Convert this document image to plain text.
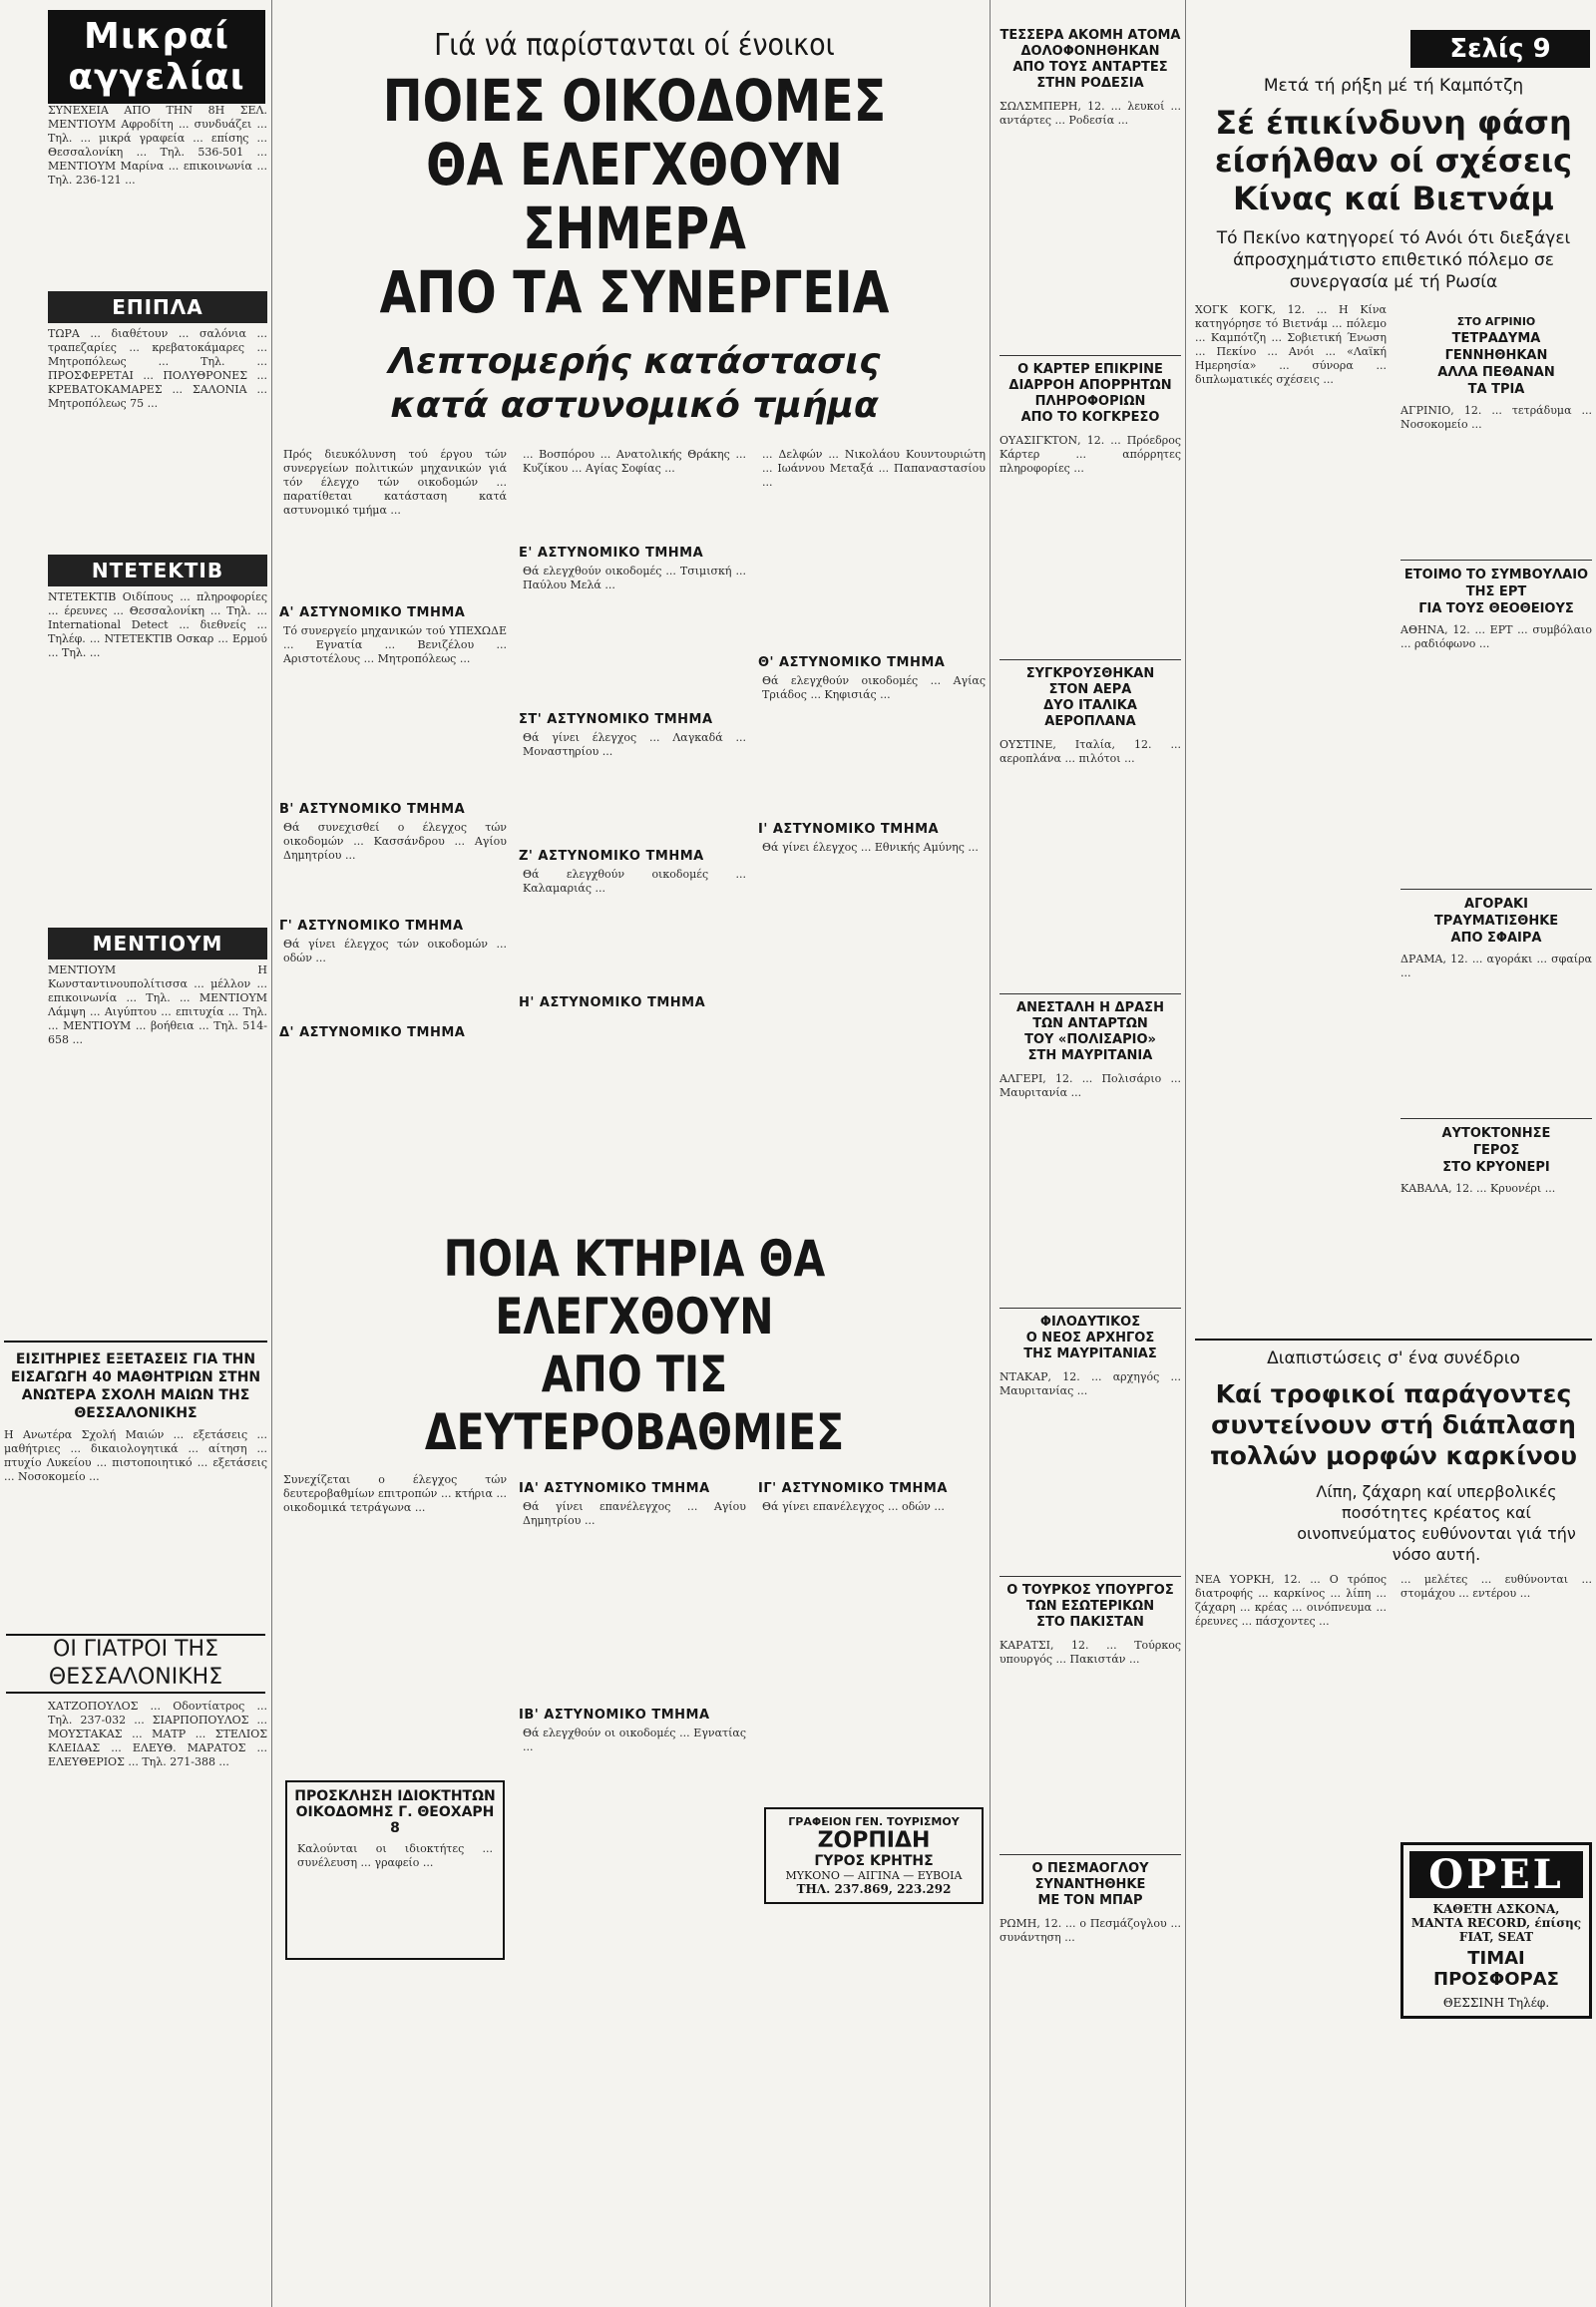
Μικραί αγγελίαι
ΣΥΝΕΧΕΙΑ ΑΠΟ ΤΗΝ 8Η ΣΕΛ. ΜΕΝΤΙΟΥΜ Αφροδίτη ... συνδυάζει ... Τηλ. ... μικρά γραφεία ... επίσης ... Θεσσαλονίκη ... Τηλ. 536-501 ... ΜΕΝΤΙΟΥΜ Μαρίνα ... επικοινωνία ... Τηλ. 236-121 ...
ΕΠΙΠΛΑ
ΤΩΡΑ ... διαθέτουν ... σαλόνια ... τραπεζαρίες ... κρεβατοκάμαρες ... Μητροπόλεως ... Τηλ. ... ΠΡΟΣΦΕΡΕΤΑΙ ... ΠΟΛΥΘΡΟΝΕΣ ... ΚΡΕΒΑΤΟΚΑΜΑΡΕΣ ... ΣΑΛΟΝΙΑ ... Μητροπόλεως 75 ...
ΝΤΕΤΕΚΤΙΒ
ΝΤΕΤΕΚΤΙΒ Οιδίπους ... πληροφορίες ... έρευνες ... Θεσσαλονίκη ... Τηλ. ... International Detect ... διεθνείς ... Τηλέφ. ... ΝΤΕΤΕΚΤΙΒ Οσκαρ ... Ερμού ... Τηλ. ...
ΜΕΝΤΙΟΥΜ
ΜΕΝΤΙΟΥΜ Η Κωνσταντινουπολίτισσα ... μέλλον ... επικοινωνία ... Τηλ. ... ΜΕΝΤΙΟΥΜ Λάμψη ... Αιγύπτου ... επιτυχία ... Τηλ. ... ΜΕΝΤΙΟΥΜ ... βοήθεια ... Τηλ. 514-658 ...
ΕΙΣΙΤΗΡΙΕΣ ΕΞΕΤΑΣΕΙΣ ΓΙΑ ΤΗΝ ΕΙΣΑΓΩΓΗ 40 ΜΑΘΗΤΡΙΩΝ ΣΤΗΝ ΑΝΩΤΕΡΑ ΣΧΟΛΗ ΜΑΙΩΝ ΤΗΣ ΘΕΣΣΑΛΟΝΙΚΗΣ
Η Ανωτέρα Σχολή Μαιών ... εξετάσεις ... μαθήτριες ... δικαιολογητικά ... αίτηση ... πτυχίο Λυκείου ... πιστοποιητικό ... εξετάσεις ... Νοσοκομείο ...
ΟΙ ΓΙΑΤΡΟΙ ΤΗΣ ΘΕΣΣΑΛΟΝΙΚΗΣ
ΧΑΤΖΟΠΟΥΛΟΣ ... Οδοντίατρος ... Τηλ. 237-032 ... ΣΙΑΡΠΟΠΟΥΛΟΣ ... ΜΟΥΣΤΑΚΑΣ ... ΜΑΤΡ ... ΣΤΕΛΙΟΣ ΚΛΕΙΔΑΣ ... ΕΛΕΥΘ. ΜΑΡΑΤΟΣ ... ΕΛΕΥΘΕΡΙΟΣ ... Τηλ. 271-388 ...
Γιά νά παρίστανται οί ένοικοι
ΠΟΙΕΣ ΟΙΚΟΔΟΜΕΣ
ΘΑ ΕΛΕΓΧΘΟΥΝ ΣΗΜΕΡΑ
ΑΠΟ ΤΑ ΣΥΝΕΡΓΕΙΑ
Λεπτομερής κατάστασις
κατά αστυνομικό τμήμα
Πρός διευκόλυνση τού έργου τών συνεργείων πολιτικών μηχανικών γιά τόν έλεγχο τών οικοδομών ... παρατίθεται κατάσταση κατά αστυνομικό τμήμα ...
Α' ΑΣΤΥΝΟΜΙΚΟ ΤΜΗΜΑ
Τό συνεργείο μηχανικών τού ΥΠΕΧΩΔΕ ... Εγνατία ... Βενιζέλου ... Αριστοτέλους ... Μητροπόλεως ...
Β' ΑΣΤΥΝΟΜΙΚΟ ΤΜΗΜΑ
Θά συνεχισθεί ο έλεγχος τών οικοδομών ... Κασσάνδρου ... Αγίου Δημητρίου ...
Γ' ΑΣΤΥΝΟΜΙΚΟ ΤΜΗΜΑ
Θά γίνει έλεγχος τών οικοδομών ... οδών ...
Δ' ΑΣΤΥΝΟΜΙΚΟ ΤΜΗΜΑ
... Βοσπόρου ... Ανατολικής Θράκης ... Κυζίκου ... Αγίας Σοφίας ...
Ε' ΑΣΤΥΝΟΜΙΚΟ ΤΜΗΜΑ
Θά ελεγχθούν οικοδομές ... Τσιμισκή ... Παύλου Μελά ...
ΣΤ' ΑΣΤΥΝΟΜΙΚΟ ΤΜΗΜΑ
Θά γίνει έλεγχος ... Λαγκαδά ... Μοναστηρίου ...
Ζ' ΑΣΤΥΝΟΜΙΚΟ ΤΜΗΜΑ
Θά ελεγχθούν οικοδομές ... Καλαμαριάς ...
Η' ΑΣΤΥΝΟΜΙΚΟ ΤΜΗΜΑ
... Δελφών ... Νικολάου Κουντουριώτη ... Ιωάννου Μεταξά ... Παπαναστασίου ...
Θ' ΑΣΤΥΝΟΜΙΚΟ ΤΜΗΜΑ
Θά ελεγχθούν οικοδομές ... Αγίας Τριάδος ... Κηφισιάς ...
Ι' ΑΣΤΥΝΟΜΙΚΟ ΤΜΗΜΑ
Θά γίνει έλεγχος ... Εθνικής Αμύνης ...
ΠΟΙΑ ΚΤΗΡΙΑ ΘΑ ΕΛΕΓΧΘΟΥΝ
ΑΠΟ ΤΙΣ ΔΕΥΤΕΡΟΒΑΘΜΙΕΣ
Συνεχίζεται ο έλεγχος τών δευτεροβαθμίων επιτροπών ... κτήρια ... οικοδομικά τετράγωνα ...
ΠΡΟΣΚΛΗΣΗ ΙΔΙΟΚΤΗΤΩΝ ΟΙΚΟΔΟΜΗΣ Γ. ΘΕΟΧΑΡΗ 8
Καλούνται οι ιδιοκτήτες ... συνέλευση ... γραφείο ...
ΙΑ' ΑΣΤΥΝΟΜΙΚΟ ΤΜΗΜΑ
Θά γίνει επανέλεγχος ... Αγίου Δημητρίου ...
ΙΒ' ΑΣΤΥΝΟΜΙΚΟ ΤΜΗΜΑ
Θά ελεγχθούν οι οικοδομές ... Εγνατίας ...
ΙΓ' ΑΣΤΥΝΟΜΙΚΟ ΤΜΗΜΑ
Θά γίνει επανέλεγχος ... οδών ...
ΓΡΑΦΕΙΟΝ ΓΕΝ. ΤΟΥΡΙΣΜΟΥ
ΖΟΡΠΙΔΗ
ΓΥΡΟΣ ΚΡΗΤΗΣ
ΜΥΚΟΝΟ — ΑΙΓΙΝΑ — ΕΥΒΟΙΑ
ΤΗΛ. 237.869, 223.292
ΤΕΣΣΕΡΑ ΑΚΟΜΗ ΑΤΟΜΑ
ΔΟΛΟΦΟΝΗΘΗΚΑΝ
ΑΠΟ ΤΟΥΣ ΑΝΤΑΡΤΕΣ
ΣΤΗΝ ΡΟΔΕΣΙΑ
ΣΩΛΣΜΠΕΡΗ, 12. ... λευκοί ... αντάρτες ... Ροδεσία ...
Ο ΚΑΡΤΕΡ ΕΠΙΚΡΙΝΕ
ΔΙΑΡΡΟΗ ΑΠΟΡΡΗΤΩΝ
ΠΛΗΡΟΦΟΡΙΩΝ
ΑΠΟ ΤΟ ΚΟΓΚΡΕΣΟ
ΟΥΑΣΙΓΚΤΟΝ, 12. ... Πρόεδρος Κάρτερ ... απόρρητες πληροφορίες ...
ΣΥΓΚΡΟΥΣΘΗΚΑΝ
ΣΤΟΝ ΑΕΡΑ
ΔΥΟ ΙΤΑΛΙΚΑ
ΑΕΡΟΠΛΑΝΑ
ΟΥΣΤΙΝΕ, Ιταλία, 12. ... αεροπλάνα ... πιλότοι ...
ΑΝΕΣΤΑΛΗ Η ΔΡΑΣΗ
ΤΩΝ ΑΝΤΑΡΤΩΝ
ΤΟΥ «ΠΟΛΙΣΑΡΙΟ»
ΣΤΗ ΜΑΥΡΙΤΑΝΙΑ
ΑΛΓΕΡΙ, 12. ... Πολισάριο ... Μαυριτανία ...
ΦΙΛΟΔΥΤΙΚΟΣ
Ο ΝΕΟΣ ΑΡΧΗΓΟΣ
ΤΗΣ ΜΑΥΡΙΤΑΝΙΑΣ
ΝΤΑΚΑΡ, 12. ... αρχηγός ... Μαυριτανίας ...
Ο ΤΟΥΡΚΟΣ ΥΠΟΥΡΓΟΣ
ΤΩΝ ΕΣΩΤΕΡΙΚΩΝ
ΣΤΟ ΠΑΚΙΣΤΑΝ
ΚΑΡΑΤΣΙ, 12. ... Τούρκος υπουργός ... Πακιστάν ...
Ο ΠΕΣΜΑΟΓΛΟΥ
ΣΥΝΑΝΤΗΘΗΚΕ
ΜΕ ΤΟΝ ΜΠΑΡ
ΡΩΜΗ, 12. ... ο Πεσμάζογλου ... συνάντηση ...
Σελίς 9
Μετά τή ρήξη μέ τή Καμπότζη
Σέ έπικίνδυνη φάση
είσήλθαν οί σχέσεις
Κίνας καί Βιετνάμ
Τό Πεκίνο κατηγορεί τό Ανόι ότι διεξάγει άπροσχημάτιστο επιθετικό πόλεμο σε συνεργασία μέ τή Ρωσία
ΧΟΓΚ ΚΟΓΚ, 12. ... Η Κίνα κατηγόρησε τό Βιετνάμ ... πόλεμο ... Καμπότζη ... Σοβιετική Ένωση ... Πεκίνο ... Ανόι ... «Λαϊκή Ημερησία» ... σύνορα ... διπλωματικές σχέσεις ...
ΣΤΟ ΑΓΡΙΝΙΟ
ΤΕΤΡΑΔΥΜΑ
ΓΕΝΝΗΘΗΚΑΝ
ΑΛΛΑ ΠΕΘΑΝΑΝ
ΤΑ ΤΡΙΑ
ΑΓΡΙΝΙΟ, 12. ... τετράδυμα ... Νοσοκομείο ...
ΕΤΟΙΜΟ ΤΟ ΣΥΜΒΟΥΛΑΙΟ
ΤΗΣ ΕΡΤ
ΓΙΑ ΤΟΥΣ ΘΕΟΘΕΙΟΥΣ
ΑΘΗΝΑ, 12. ... ΕΡΤ ... συμβόλαιο ... ραδιόφωνο ...
ΑΓΟΡΑΚΙ
ΤΡΑΥΜΑΤΙΣΘΗΚΕ
ΑΠΟ ΣΦΑΙΡΑ
ΔΡΑΜΑ, 12. ... αγοράκι ... σφαίρα ...
ΑΥΤΟΚΤΟΝΗΣΕ
ΓΕΡΟΣ
ΣΤΟ ΚΡΥΟΝΕΡΙ
ΚΑΒΑΛΑ, 12. ... Κρυονέρι ...
Διαπιστώσεις σ' ένα συνέδριο
Καί τροφικοί παράγοντες
συντείνουν στή διάπλαση
πολλών μορφών καρκίνου
Λίπη, ζάχαρη καί υπερβολικές ποσότητες κρέατος καί οινοπνεύματος ευθύνονται γιά τήν νόσο αυτή.
ΝΕΑ ΥΟΡΚΗ, 12. ... Ο τρόπος διατροφής ... καρκίνος ... λίπη ... ζάχαρη ... κρέας ... οινόπνευμα ... έρευνες ... πάσχοντες ...
... μελέτες ... ευθύνονται ... στομάχου ... εντέρου ...
OPEL
ΚΑΘΕΤΗ ΑΣΚΟΝΑ, ΜΑΝΤΑ RECORD, έπίσης FIAT, SEAT
ΤΙΜΑΙ ΠΡΟΣΦΟΡΑΣ
ΘΕΣΣΙΝΗ Τηλέφ.
